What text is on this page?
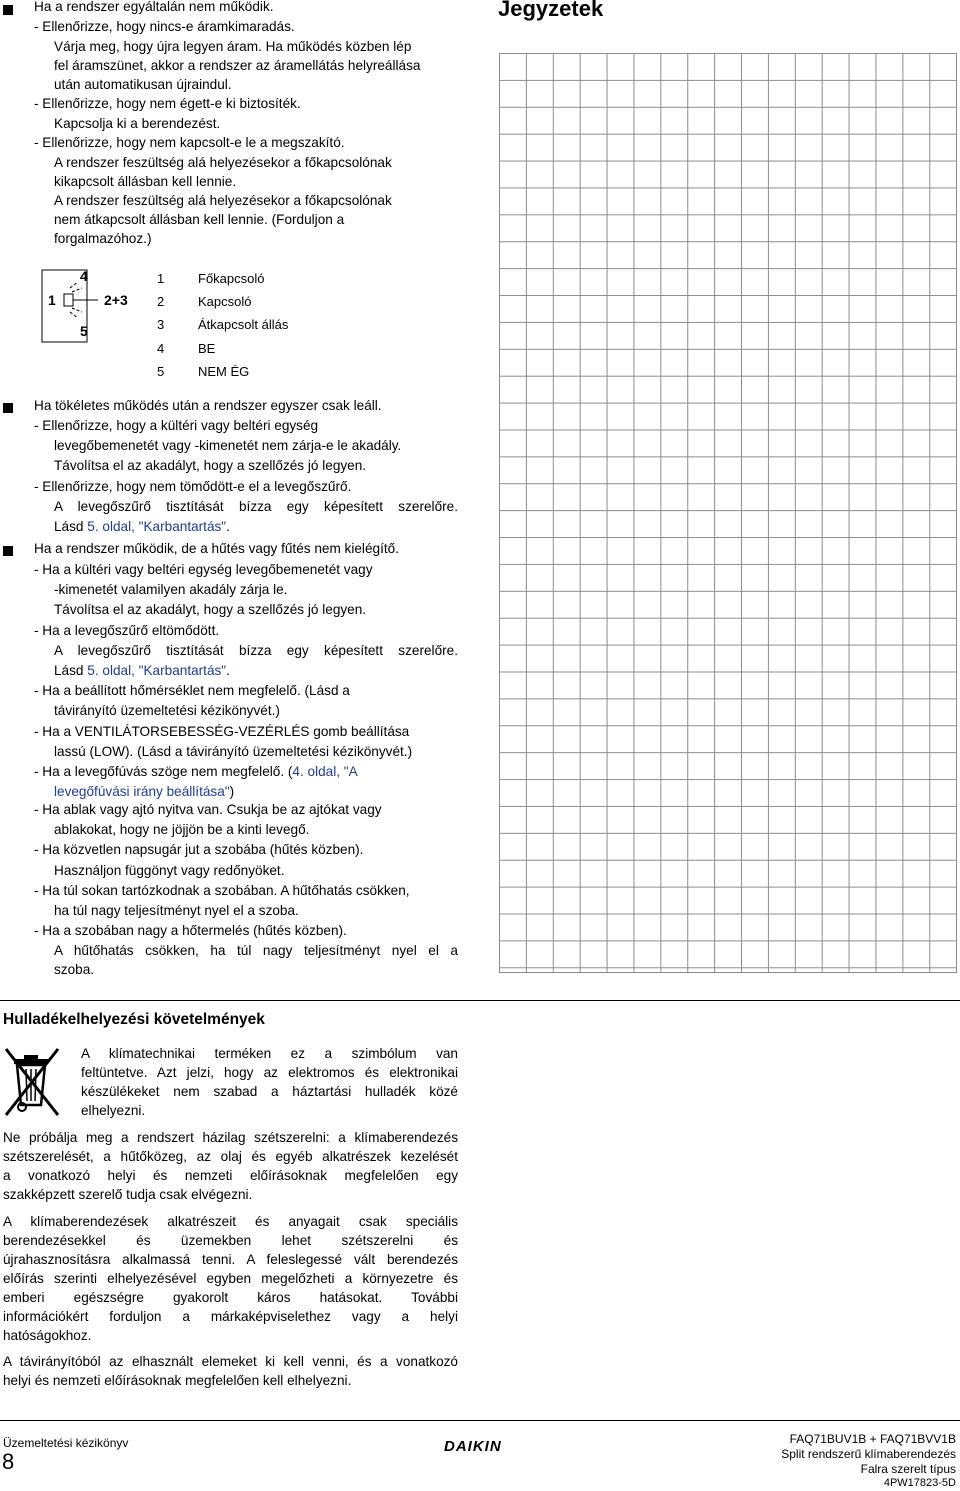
Ha a rendszer egyáltalán nem működik.
- Ellenőrizze, hogy nincs-e áramkimaradás.
Várja meg, hogy újra legyen áram. Ha működés közben lép
fel áramszünet, akkor a rendszer az áramellátás helyreállása
után automatikusan újraindul.
- Ellenőrizze, hogy nem égett-e ki biztosíték.
Kapcsolja ki a berendezést.
- Ellenőrizze, hogy nem kapcsolt-e le a megszakító.
A rendszer feszültség alá helyezésekor a főkapcsolónak
kikapcsolt állásban kell lennie.
A rendszer feszültség alá helyezésekor a főkapcsolónak
nem átkapcsolt állásban kell lennie. (Forduljon a
forgalmazóhoz.)
4
1	2+3
5
1	Főkapcsoló
2	Kapcsoló
3	Átkapcsolt állás
4	BE
5	NEM ÉG
Ha tökéletes működés után a rendszer egyszer csak leáll.
- Ellenőrizze, hogy a kültéri vagy beltéri egység
levegőbemenetét vagy -kimenetét nem zárja-e le akadály.
Távolítsa el az akadályt, hogy a szellőzés jó legyen.
- Ellenőrizze, hogy nem tömődött-e el a levegőszűrő.
A levegőszűrő tisztítását bízza egy képesített szerelőre.
Lásd 5. oldal, "Karbantartás".
Ha a rendszer működik, de a hűtés vagy fűtés nem kielégítő.
- Ha a kültéri vagy beltéri egység levegőbemenetét vagy
-kimenetét valamilyen akadály zárja le.
Távolítsa el az akadályt, hogy a szellőzés jó legyen.
- Ha a levegőszűrő eltömődött.
A levegőszűrő tisztítását bízza egy képesített szerelőre.
Lásd 5. oldal, "Karbantartás".
- Ha a beállított hőmérséklet nem megfelelő. (Lásd a
távirányító üzemeltetési kézikönyvét.)
- Ha a VENTILÁTORSEBESSÉG-VEZÉRLÉS gomb beállítása
lassú (LOW). (Lásd a távirányító üzemeltetési kézikönyvét.)
- Ha a levegőfúvás szöge nem megfelelő. (4. oldal, "A
levegőfúvási irány beállítása")
- Ha ablak vagy ajtó nyitva van. Csukja be az ajtókat vagy
ablakokat, hogy ne jöjjön be a kinti levegő.
- Ha közvetlen napsugár jut a szobába (hűtés közben).
Használjon függönyt vagy redőnyöket.
- Ha túl sokan tartózkodnak a szobában. A hűtőhatás csökken,
ha túl nagy teljesítményt nyel el a szoba.
- Ha a szobában nagy a hőtermelés (hűtés közben).
A hűtőhatás csökken, ha túl nagy teljesítményt nyel el a
szoba.
Jegyzetek
Hulladékelhelyezési követelmények
A klímatechnikai terméken ez a szimbólum van
feltüntetve. Azt jelzi, hogy az elektromos és elektronikai
készülékeket nem szabad a háztartási hulladék közé
elhelyezni.
Ne próbálja meg a rendszert házilag szétszerelni: a klímaberendezés
szétszerelését, a hűtőközeg, az olaj és egyéb alkatrészek kezelését
a vonatkozó helyi és nemzeti előírásoknak megfelelően egy
szakképzett szerelő tudja csak elvégezni.
A klímaberendezések alkatrészeit és anyagait csak speciális
berendezésekkel és üzemekben lehet szétszerelni és
újrahasznosításra alkalmassá tenni. A feleslegessé vált berendezés
előírás szerinti elhelyezésével egyben megelőzheti a környezetre és
emberi egészségre gyakorolt káros hatásokat. További
információkért forduljon a márkaképviselethez vagy a helyi
hatóságokhoz.
A távirányítóból az elhasznált elemeket ki kell venni, és a vonatkozó
helyi és nemzeti előírásoknak megfelelően kell elhelyezni.
Üzemeltetési kézikönyv
8
DAIKIN	FAQ71BUV1B + FAQ71BVV1B
Split rendszerű klímaberendezés
Falra szerelt típus
4PW17823-5D
